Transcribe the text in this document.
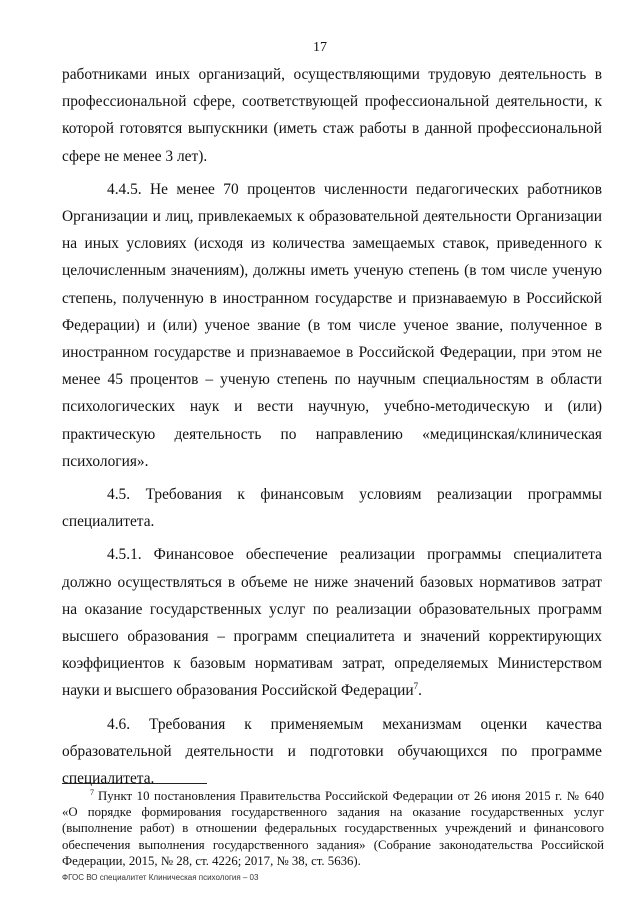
17

работниками иных организаций, осуществляющими трудовую деятельность в профессиональной сфере, соответствующей профессиональной деятельности, к которой готовятся выпускники (иметь стаж работы в данной профессиональной сфере не менее 3 лет).

4.4.5. Не менее 70 процентов численности педагогических работников Организации и лиц, привлекаемых к образовательной деятельности Организации на иных условиях (исходя из количества замещаемых ставок, приведенного к целочисленным значениям), должны иметь ученую степень (в том числе ученую степень, полученную в иностранном государстве и признаваемую в Российской Федерации) и (или) ученое звание (в том числе ученое звание, полученное в иностранном государстве и признаваемое в Российской Федерации, при этом не менее 45 процентов – ученую степень по научным специальностям в области психологических наук и вести научную, учебно-методическую и (или) практическую деятельность по направлению «медицинская/клиническая психология».

4.5. Требования к финансовым условиям реализации программы специалитета.

4.5.1. Финансовое обеспечение реализации программы специалитета должно осуществляться в объеме не ниже значений базовых нормативов затрат на оказание государственных услуг по реализации образовательных программ высшего образования – программ специалитета и значений корректирующих коэффициентов к базовым нормативам затрат, определяемых Министерством науки и высшего образования Российской Федерации$^7$.

4.6. Требования к применяемым механизмам оценки качества образовательной деятельности и подготовки обучающихся по программе специалитета.

$^7$ Пункт 10 постановления Правительства Российской Федерации от 26 июня 2015 г. № 640 «О порядке формирования государственного задания на оказание государственных услуг (выполнение работ) в отношении федеральных государственных учреждений и финансового обеспечения выполнения государственного задания» (Собрание законодательства Российской Федерации, 2015, № 28, ст. 4226; 2017, № 38, ст. 5636).
ФГОС ВО специалитет Клиническая психология – 03
